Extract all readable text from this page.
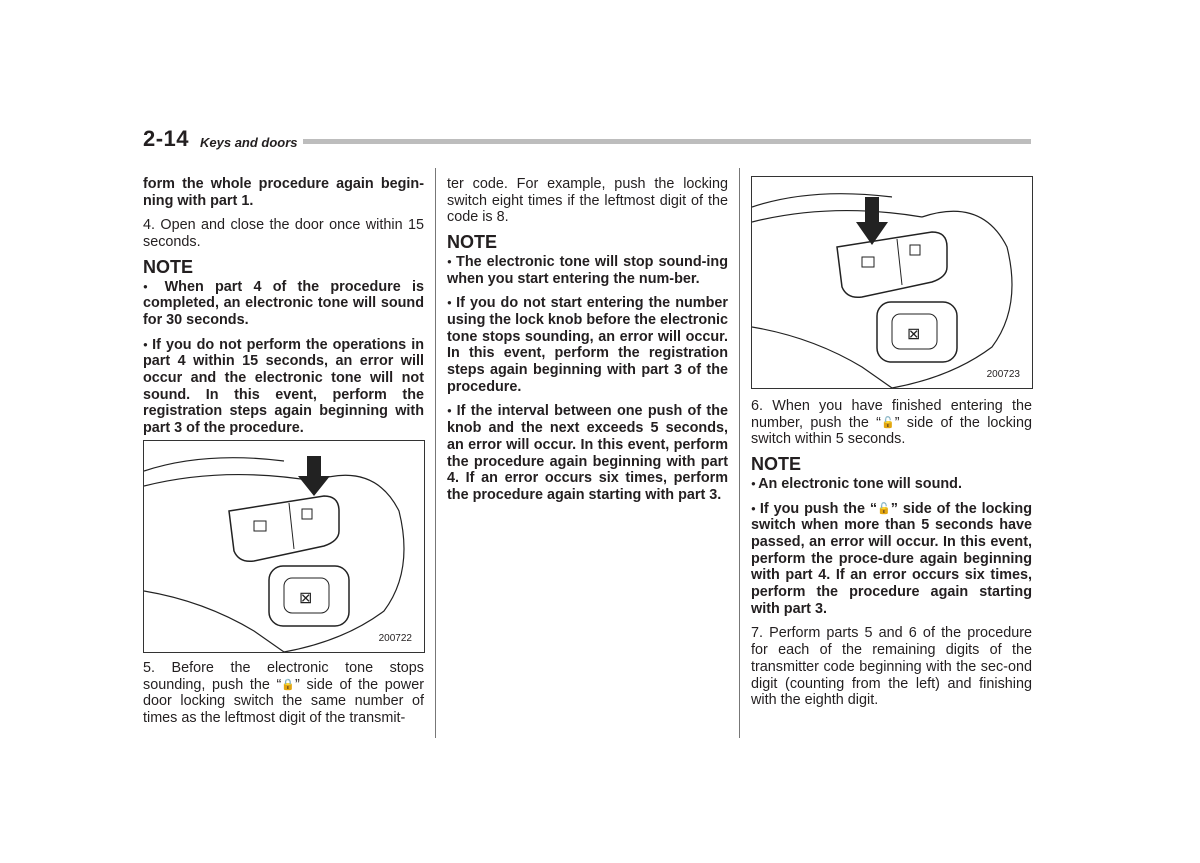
2-14 Keys and doors

form the whole procedure again begin-ning with part 1.

4. Open and close the door once within 15 seconds.

NOTE

● When part 4 of the procedure is completed, an electronic tone will sound for 30 seconds.

● If you do not perform the operations in part 4 within 15 seconds, an error will occur and the electronic tone will not sound. In this event, perform the registration steps again beginning with part 3 of the procedure.

⊠
200722

5. Before the electronic tone stops sounding, push the “🔒” side of the power door locking switch the same number of times as the leftmost digit of the transmit-

ter code. For example, push the locking switch eight times if the leftmost digit of the code is 8.

NOTE

● The electronic tone will stop sound-ing when you start entering the num-ber.

● If you do not start entering the number using the lock knob before the electronic tone stops sounding, an error will occur. In this event, perform the registration steps again beginning with part 3 of the procedure.

● If the interval between one push of the knob and the next exceeds 5 seconds, an error will occur. In this event, perform the procedure again beginning with part 4. If an error occurs six times, perform the procedure again starting with part 3.

⊠
200723

6. When you have finished entering the number, push the “🔓” side of the locking switch within 5 seconds.

NOTE

● An electronic tone will sound.

● If you push the “🔓” side of the locking switch when more than 5 seconds have passed, an error will occur. In this event, perform the proce-dure again beginning with part 4. If an error occurs six times, perform the procedure again starting with part 3.

7. Perform parts 5 and 6 of the procedure for each of the remaining digits of the transmitter code beginning with the sec-ond digit (counting from the left) and finishing with the eighth digit.
